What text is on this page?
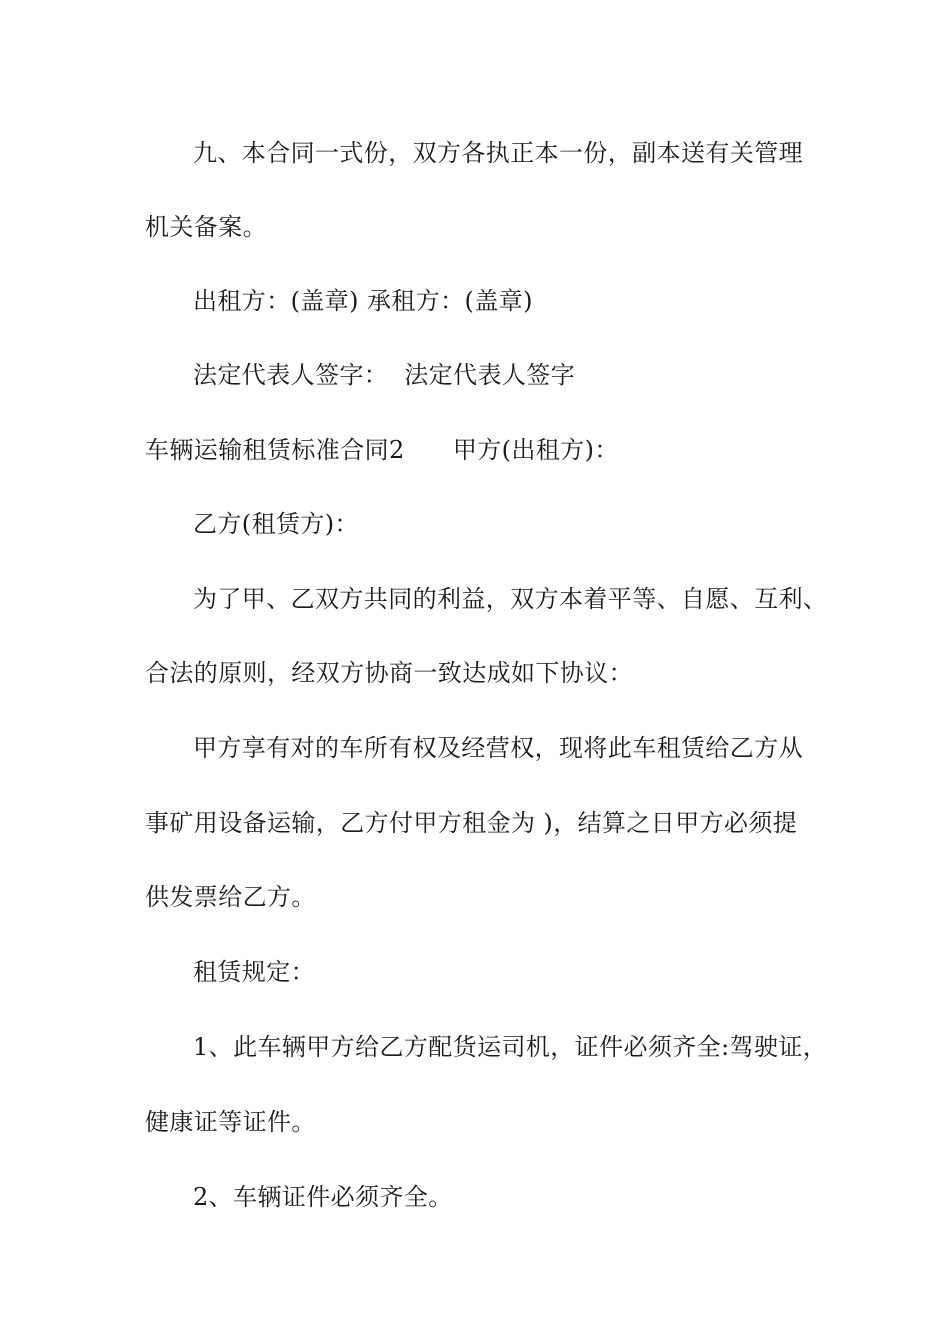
九、本合同一式份，双方各执正本一份，副本送有关管理
机关备案。
出租方：(盖章) 承租方：(盖章)
法定代表人签字：  法定代表人签字
车辆运输租赁标准合同2      甲方(出租方)：
乙方(租赁方)：
为了甲、乙双方共同的利益，双方本着平等、自愿、互利、
合法的原则，经双方协商一致达成如下协议：
甲方享有对的车所有权及经营权，现将此车租赁给乙方从
事矿用设备运输，乙方付甲方租金为 )，结算之日甲方必须提
供发票给乙方。
租赁规定：
1、此车辆甲方给乙方配货运司机，证件必须齐全:驾驶证，
健康证等证件。
2、车辆证件必须齐全。
